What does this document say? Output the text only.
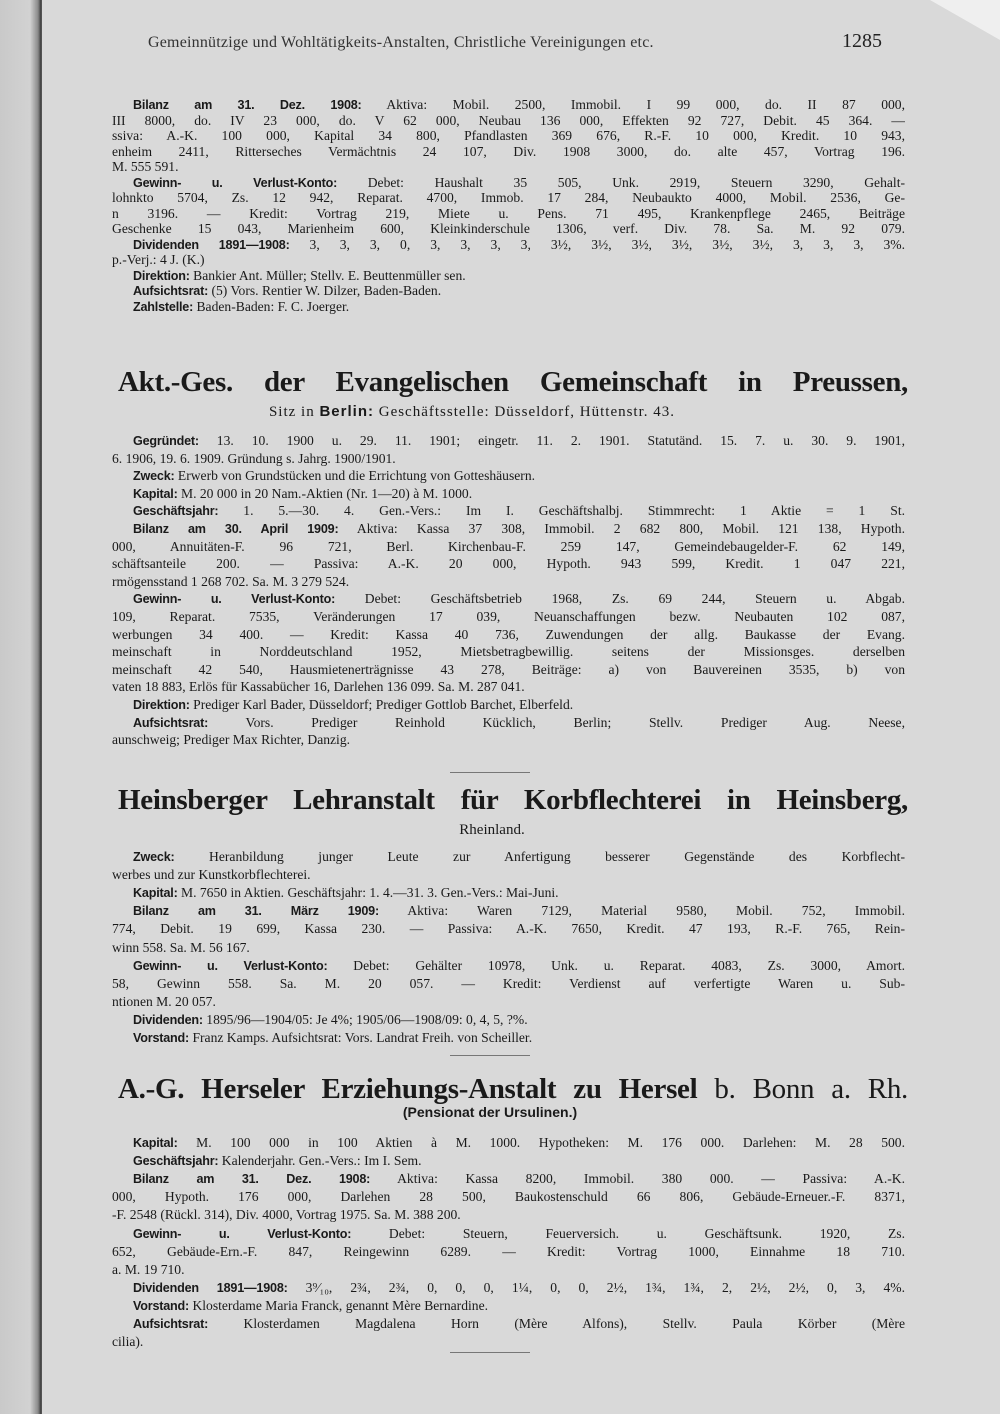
Gemeinnützige und Wohltätigkeits-Anstalten, Christliche Vereinigungen etc.	1285
Bilanz am 31. Dez. 1908: Aktiva: Mobil. 2500, Immobil. I 99 000, do. II 87 000,
III 8000, do. IV 23 000, do. V 62 000, Neubau 136 000, Effekten 92 727, Debit. 45 364. —
ssiva: A.-K. 100 000, Kapital 34 800, Pfandlasten 369 676, R.-F. 10 000, Kredit. 10 943,
enheim 2411, Ritterseches Vermächtnis 24 107, Div. 1908 3000, do. alte 457, Vortrag 196.
M. 555 591.
Gewinn- u. Verlust-Konto: Debet: Haushalt 35 505, Unk. 2919, Steuern 3290, Gehalt-
lohnkto 5704, Zs. 12 942, Reparat. 4700, Immob. 17 284, Neubaukto 4000, Mobil. 2536, Ge-
n 3196. — Kredit: Vortrag 219, Miete u. Pens. 71 495, Krankenpflege 2465, Beiträge
Geschenke 15 043, Marienheim 600, Kleinkinderschule 1306, verf. Div. 78. Sa. M. 92 079.
Dividenden 1891—1908: 3, 3, 3, 0, 3, 3, 3, 3, 3½, 3½, 3½, 3½, 3½, 3½, 3, 3, 3, 3%.
p.-Verj.: 4 J. (K.)
Direktion: Bankier Ant. Müller; Stellv. E. Beuttenmüller sen.
Aufsichtsrat: (5) Vors. Rentier W. Dilzer, Baden-Baden.
Zahlstelle: Baden-Baden: F. C. Joerger.
Akt.-Ges. der Evangelischen Gemeinschaft in Preussen,
Sitz in Berlin: Geschäftsstelle: Düsseldorf, Hüttenstr. 43.
Gegründet: 13. 10. 1900 u. 29. 11. 1901; eingetr. 11. 2. 1901. Statutänd. 15. 7. u. 30. 9. 1901,
6. 1906, 19. 6. 1909. Gründung s. Jahrg. 1900/1901.
Zweck: Erwerb von Grundstücken und die Errichtung von Gotteshäusern.
Kapital: M. 20 000 in 20 Nam.-Aktien (Nr. 1—20) à M. 1000.
Geschäftsjahr: 1. 5.—30. 4. Gen.-Vers.: Im I. Geschäftshalbj. Stimmrecht: 1 Aktie = 1 St.
Bilanz am 30. April 1909: Aktiva: Kassa 37 308, Immobil. 2 682 800, Mobil. 121 138, Hypoth.
000, Annuitäten-F. 96 721, Berl. Kirchenbau-F. 259 147, Gemeindebaugelder-F. 62 149,
schäftsanteile 200. — Passiva: A.-K. 20 000, Hypoth. 943 599, Kredit. 1 047 221,
rmögensstand 1 268 702. Sa. M. 3 279 524.
Gewinn- u. Verlust-Konto: Debet: Geschäftsbetrieb 1968, Zs. 69 244, Steuern u. Abgab.
109, Reparat. 7535, Veränderungen 17 039, Neuanschaffungen bezw. Neubauten 102 087,
werbungen 34 400. — Kredit: Kassa 40 736, Zuwendungen der allg. Baukasse der Evang.
meinschaft in Norddeutschland 1952, Mietsbetragbewillig. seitens der Missionsges. derselben
meinschaft 42 540, Hausmietenerträgnisse 43 278, Beiträge: a) von Bauvereinen 3535, b) von
vaten 18 883, Erlös für Kassabücher 16, Darlehen 136 099. Sa. M. 287 041.
Direktion: Prediger Karl Bader, Düsseldorf; Prediger Gottlob Barchet, Elberfeld.
Aufsichtsrat: Vors. Prediger Reinhold Kücklich, Berlin; Stellv. Prediger Aug. Neese,
aunschweig; Prediger Max Richter, Danzig.
Heinsberger Lehranstalt für Korbflechterei in Heinsberg,
Rheinland.
Zweck: Heranbildung junger Leute zur Anfertigung besserer Gegenstände des Korbflecht-
werbes und zur Kunstkorbflechterei.
Kapital: M. 7650 in Aktien. Geschäftsjahr: 1. 4.—31. 3. Gen.-Vers.: Mai-Juni.
Bilanz am 31. März 1909: Aktiva: Waren 7129, Material 9580, Mobil. 752, Immobil.
774, Debit. 19 699, Kassa 230. — Passiva: A.-K. 7650, Kredit. 47 193, R.-F. 765, Rein-
winn 558. Sa. M. 56 167.
Gewinn- u. Verlust-Konto: Debet: Gehälter 10978, Unk. u. Reparat. 4083, Zs. 3000, Amort.
58, Gewinn 558. Sa. M. 20 057. — Kredit: Verdienst auf verfertigte Waren u. Sub-
ntionen M. 20 057.
Dividenden: 1895/96—1904/05: Je 4%; 1905/06—1908/09: 0, 4, 5, ?%.
Vorstand: Franz Kamps. Aufsichtsrat: Vors. Landrat Freih. von Scheiller.
A.-G. Herseler Erziehungs-Anstalt zu Hersel b. Bonn a. Rh.
(Pensionat der Ursulinen.)
Kapital: M. 100 000 in 100 Aktien à M. 1000. Hypotheken: M. 176 000. Darlehen: M. 28 500.
Geschäftsjahr: Kalenderjahr. Gen.-Vers.: Im I. Sem.
Bilanz am 31. Dez. 1908: Aktiva: Kassa 8200, Immobil. 380 000. — Passiva: A.-K.
000, Hypoth. 176 000, Darlehen 28 500, Baukostenschuld 66 806, Gebäude-Erneuer.-F. 8371,
-F. 2548 (Rückl. 314), Div. 4000, Vortrag 1975. Sa. M. 388 200.
Gewinn- u. Verlust-Konto: Debet: Steuern, Feuerversich. u. Geschäftsunk. 1920, Zs.
652, Gebäude-Ern.-F. 847, Reingewinn 6289. — Kredit: Vortrag 1000, Einnahme 18 710.
a. M. 19 710.
Dividenden 1891—1908: 3⁹⁄₁₀, 2¾, 2¾, 0, 0, 0, 1¼, 0, 0, 2½, 1¾, 1¾, 2, 2½, 2½, 0, 3, 4%.
Vorstand: Klosterdame Maria Franck, genannt Mère Bernardine.
Aufsichtsrat: Klosterdamen Magdalena Horn (Mère Alfons), Stellv. Paula Körber (Mère
cilia).
